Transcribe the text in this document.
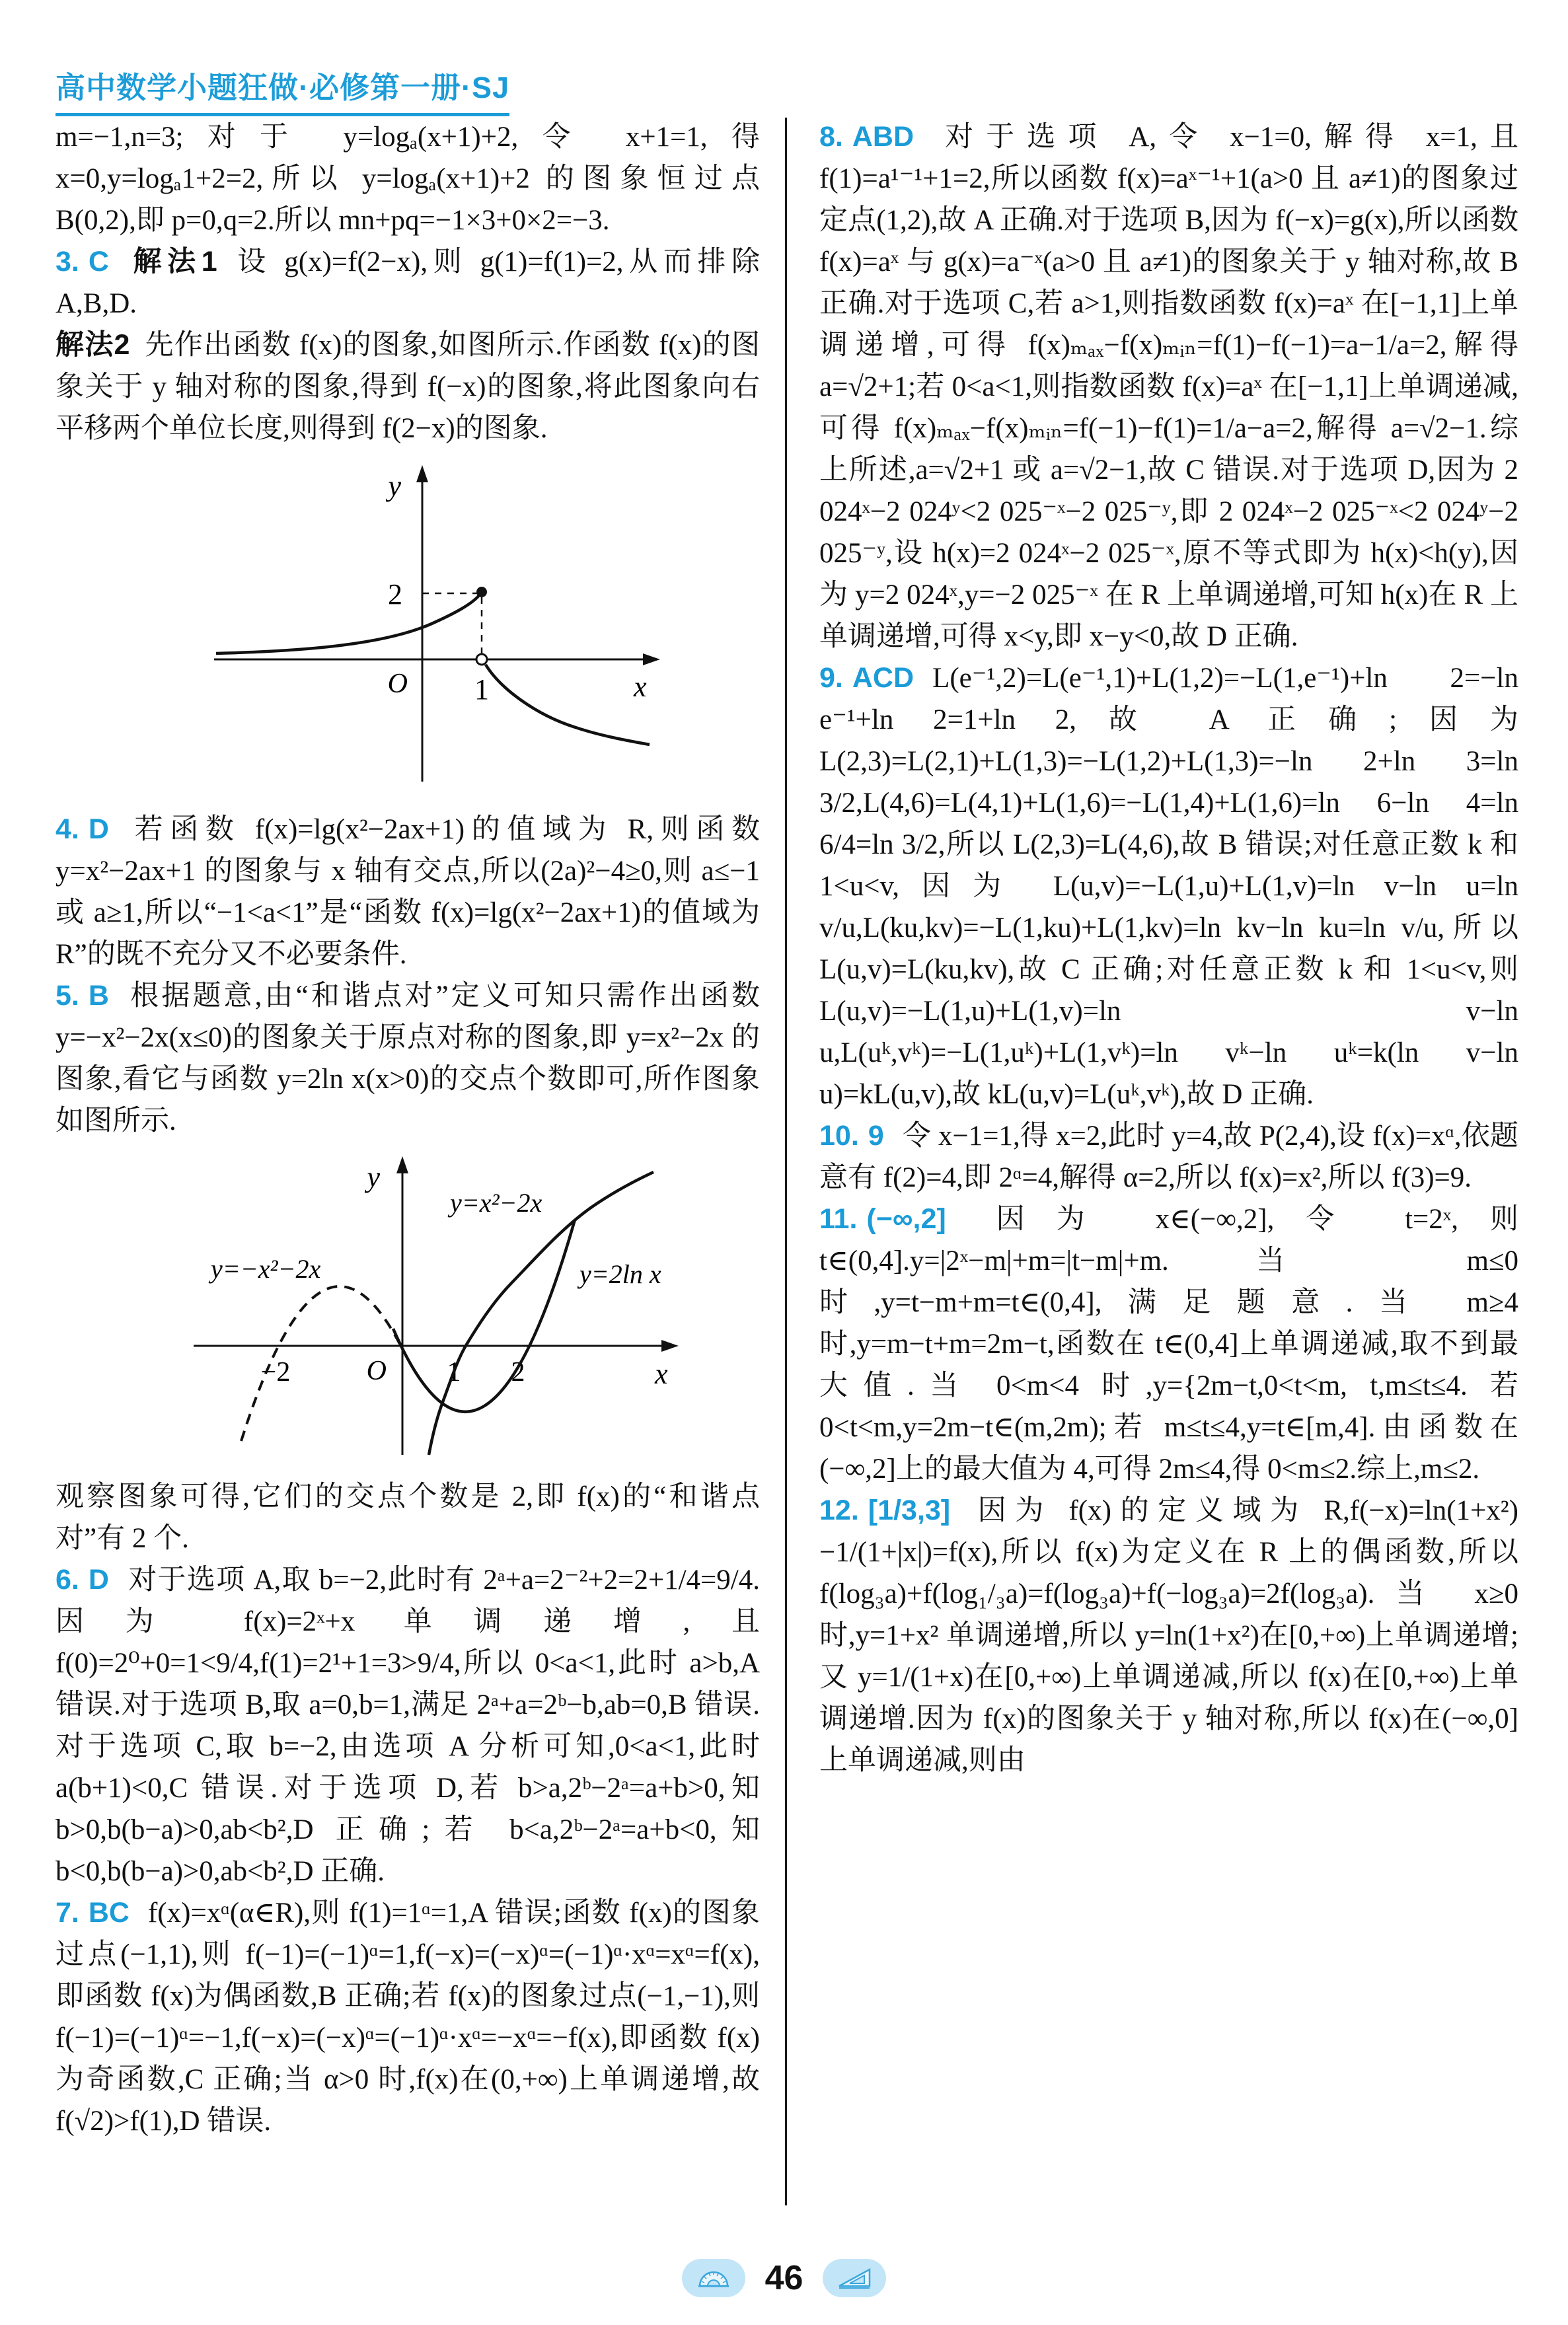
高中数学小题狂做·必修第一册·SJ

m=−1,n=3;对于 y=logₐ(x+1)+2,令 x+1=1,得 x=0,y=logₐ1+2=2,所以 y=logₐ(x+1)+2 的图象恒过点 B(0,2),即 p=0,q=2.所以 mn+pq=−1×3+0×2=−3.

3. C 解法1 设 g(x)=f(2−x),则 g(1)=f(1)=2,从而排除 A,B,D.

解法2 先作出函数 f(x)的图象,如图所示.作函数 f(x)的图象关于 y 轴对称的图象,得到 f(−x)的图象,将此图象向右平移两个单位长度,则得到 f(2−x)的图象.

y
x
O
2
1

4. D 若函数 f(x)=lg(x²−2ax+1)的值域为 R,则函数 y=x²−2ax+1 的图象与 x 轴有交点,所以(2a)²−4≥0,则 a≤−1 或 a≥1,所以“−1<a<1”是“函数 f(x)=lg(x²−2ax+1)的值域为 R”的既不充分又不必要条件.

5. B 根据题意,由“和谐点对”定义可知只需作出函数 y=−x²−2x(x≤0)的图象关于原点对称的图象,即 y=x²−2x 的图象,看它与函数 y=2ln x(x>0)的交点个数即可,所作图象如图所示.

y
x
O
−2	1 2
y=x²−2x
y=2ln x
y=−x²−2x

观察图象可得,它们的交点个数是 2,即 f(x)的“和谐点对”有 2 个.

6. D 对于选项 A,取 b=−2,此时有 2ᵃ+a=2⁻²+2=2+1/4=9/4.因为 f(x)=2ˣ+x 单调递增,且 f(0)=2⁰+0=1<9/4,f(1)=2¹+1=3>9/4,所以 0<a<1,此时 a>b,A 错误.对于选项 B,取 a=0,b=1,满足 2ᵃ+a=2ᵇ−b,ab=0,B 错误.对于选项 C,取 b=−2,由选项 A 分析可知,0<a<1,此时 a(b+1)<0,C 错误.对于选项 D,若 b>a,2ᵇ−2ᵃ=a+b>0,知 b>0,b(b−a)>0,ab<b²,D 正确;若 b<a,2ᵇ−2ᵃ=a+b<0,知 b<0,b(b−a)>0,ab<b²,D 正确.

7. BC f(x)=xᵅ(α∈R),则 f(1)=1ᵅ=1,A 错误;函数 f(x)的图象过点(−1,1),则 f(−1)=(−1)ᵅ=1,f(−x)=(−x)ᵅ=(−1)ᵅ·xᵅ=xᵅ=f(x),即函数 f(x)为偶函数,B 正确;若 f(x)的图象过点(−1,−1),则 f(−1)=(−1)ᵅ=−1,f(−x)=(−x)ᵅ=(−1)ᵅ·xᵅ=−xᵅ=−f(x),即函数 f(x)为奇函数,C 正确;当 α>0 时,f(x)在(0,+∞)上单调递增,故 f(√2)>f(1),D 错误.

8. ABD 对于选项 A,令 x−1=0,解得 x=1,且 f(1)=a¹⁻¹+1=2,所以函数 f(x)=aˣ⁻¹+1(a>0 且 a≠1)的图象过定点(1,2),故 A 正确.对于选项 B,因为 f(−x)=g(x),所以函数 f(x)=aˣ 与 g(x)=a⁻ˣ(a>0 且 a≠1)的图象关于 y 轴对称,故 B 正确.对于选项 C,若 a>1,则指数函数 f(x)=aˣ 在[−1,1]上单调递增,可得 f(x)ₘₐₓ−f(x)ₘᵢₙ=f(1)−f(−1)=a−1/a=2,解得 a=√2+1;若 0<a<1,则指数函数 f(x)=aˣ 在[−1,1]上单调递减,可得 f(x)ₘₐₓ−f(x)ₘᵢₙ=f(−1)−f(1)=1/a−a=2,解得 a=√2−1.综上所述,a=√2+1 或 a=√2−1,故 C 错误.对于选项 D,因为 2 024ˣ−2 024ʸ<2 025⁻ˣ−2 025⁻ʸ,即 2 024ˣ−2 025⁻ˣ<2 024ʸ−2 025⁻ʸ,设 h(x)=2 024ˣ−2 025⁻ˣ,原不等式即为 h(x)<h(y),因为 y=2 024ˣ,y=−2 025⁻ˣ 在 R 上单调递增,可知 h(x)在 R 上单调递增,可得 x<y,即 x−y<0,故 D 正确.

9. ACD L(e⁻¹,2)=L(e⁻¹,1)+L(1,2)=−L(1,e⁻¹)+ln 2=−ln e⁻¹+ln 2=1+ln 2,故 A 正确;因为 L(2,3)=L(2,1)+L(1,3)=−L(1,2)+L(1,3)=−ln 2+ln 3=ln 3/2,L(4,6)=L(4,1)+L(1,6)=−L(1,4)+L(1,6)=ln 6−ln 4=ln 6/4=ln 3/2,所以 L(2,3)=L(4,6),故 B 错误;对任意正数 k 和 1<u<v,因为 L(u,v)=−L(1,u)+L(1,v)=ln v−ln u=ln v/u,L(ku,kv)=−L(1,ku)+L(1,kv)=ln kv−ln ku=ln v/u,所以 L(u,v)=L(ku,kv),故 C 正确;对任意正数 k 和 1<u<v,则 L(u,v)=−L(1,u)+L(1,v)=ln v−ln u,L(uᵏ,vᵏ)=−L(1,uᵏ)+L(1,vᵏ)=ln vᵏ−ln uᵏ=k(ln v−ln u)=kL(u,v),故 kL(u,v)=L(uᵏ,vᵏ),故 D 正确.

10. 9 令 x−1=1,得 x=2,此时 y=4,故 P(2,4),设 f(x)=xᵅ,依题意有 f(2)=4,即 2ᵅ=4,解得 α=2,所以 f(x)=x²,所以 f(3)=9.

11. (−∞,2] 因为 x∈(−∞,2],令 t=2ˣ,则 t∈(0,4].y=|2ˣ−m|+m=|t−m|+m.当 m≤0 时,y=t−m+m=t∈(0,4],满足题意.当 m≥4 时,y=m−t+m=2m−t,函数在 t∈(0,4]上单调递减,取不到最大值.当 0<m<4 时,y={2m−t,0<t<m, t,m≤t≤4. 若 0<t<m,y=2m−t∈(m,2m);若 m≤t≤4,y=t∈[m,4].由函数在(−∞,2]上的最大值为 4,可得 2m≤4,得 0<m≤2.综上,m≤2.

12. [1/3,3] 因为 f(x)的定义域为 R,f(−x)=ln(1+x²)−1/(1+|x|)=f(x),所以 f(x)为定义在 R 上的偶函数,所以 f(log₃a)+f(log₁/₃a)=f(log₃a)+f(−log₃a)=2f(log₃a).当 x≥0 时,y=1+x² 单调递增,所以 y=ln(1+x²)在[0,+∞)上单调递增;又 y=1/(1+x)在[0,+∞)上单调递减,所以 f(x)在[0,+∞)上单调递增.因为 f(x)的图象关于 y 轴对称,所以 f(x)在(−∞,0]上单调递减,则由

46
